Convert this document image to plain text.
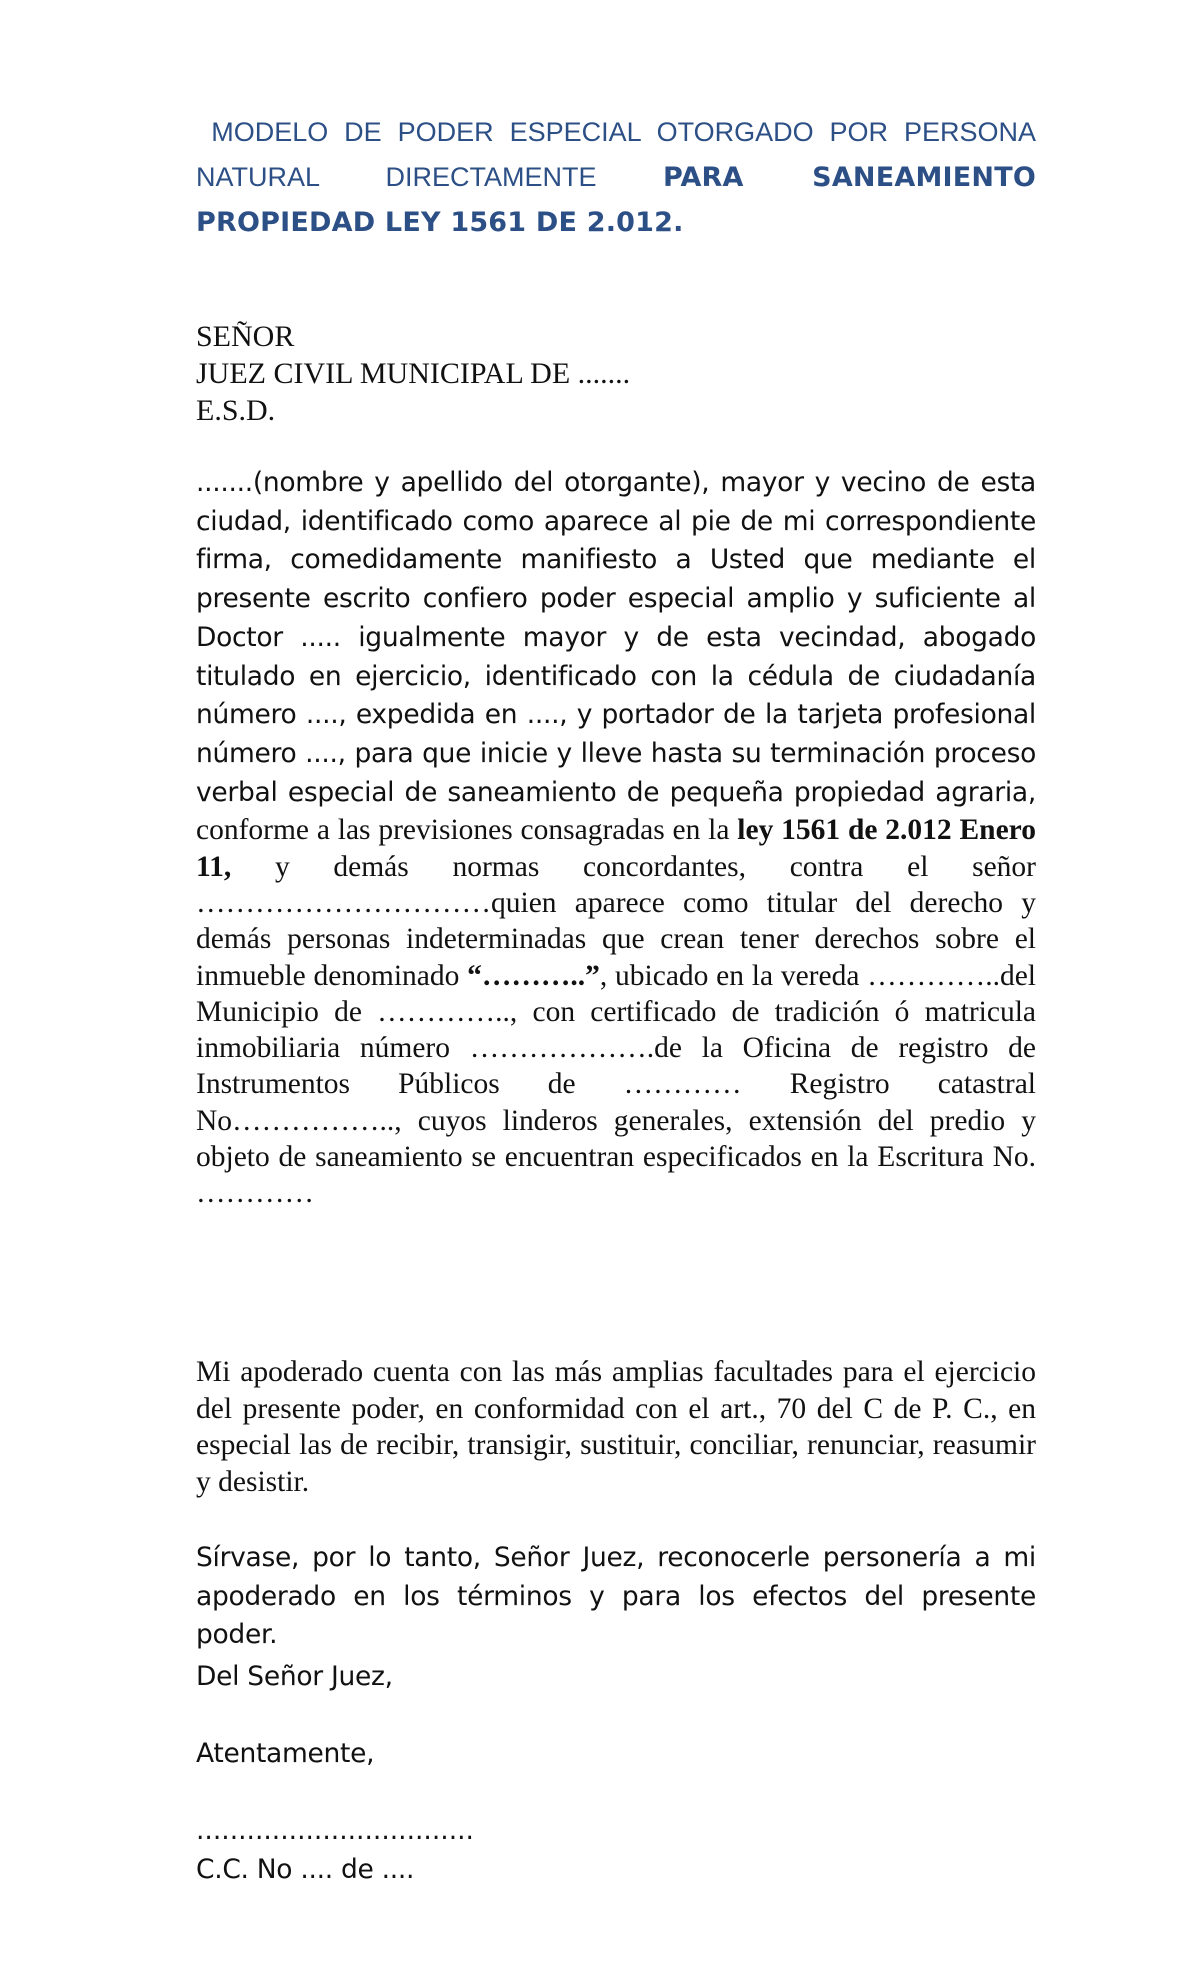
MODELO DE PODER ESPECIAL OTORGADO POR PERSONA NATURAL DIRECTAMENTE PARA SANEAMIENTO PROPIEDAD LEY 1561 DE 2.012.

SEÑOR
JUEZ CIVIL MUNICIPAL DE .......
E.S.D.
.......(nombre y apellido del otorgante), mayor y vecino de esta ciudad, identificado como aparece al pie de mi correspondiente firma, comedidamente manifiesto a Usted que mediante el presente escrito confiero poder especial amplio y suficiente al Doctor ..... igualmente mayor y de esta vecindad, abogado titulado en ejercicio, identificado con la cédula de ciudadanía número ...., expedida en ...., y portador de la tarjeta profesional número ...., para que inicie y lleve hasta su terminación proceso verbal especial de saneamiento de pequeña propiedad agraria, conforme a las previsiones consagradas en la ley 1561 de 2.012 Enero 11, y demás normas concordantes, contra el señor …………………………quien aparece como titular del derecho y demás personas indeterminadas que crean tener derechos sobre el inmueble denominado “………..”, ubicado en la vereda …………..del Municipio de ………….., con certificado de tradición ó matricula inmobiliaria número ……………….de la Oficina de registro de Instrumentos Públicos de ………… Registro catastral No…………….., cuyos linderos generales, extensión del predio y objeto de saneamiento se encuentran especificados en la Escritura No. …………
Mi apoderado cuenta con las más amplias facultades para el ejercicio del presente poder, en conformidad con el art., 70 del C de P. C., en especial las de recibir, transigir, sustituir, conciliar, renunciar, reasumir y desistir.
Sírvase, por lo tanto, Señor Juez, reconocerle personería a mi apoderado en los términos y para los efectos del presente poder.
Del Señor Juez,
Atentamente,
.................................
C.C. No .... de ....
